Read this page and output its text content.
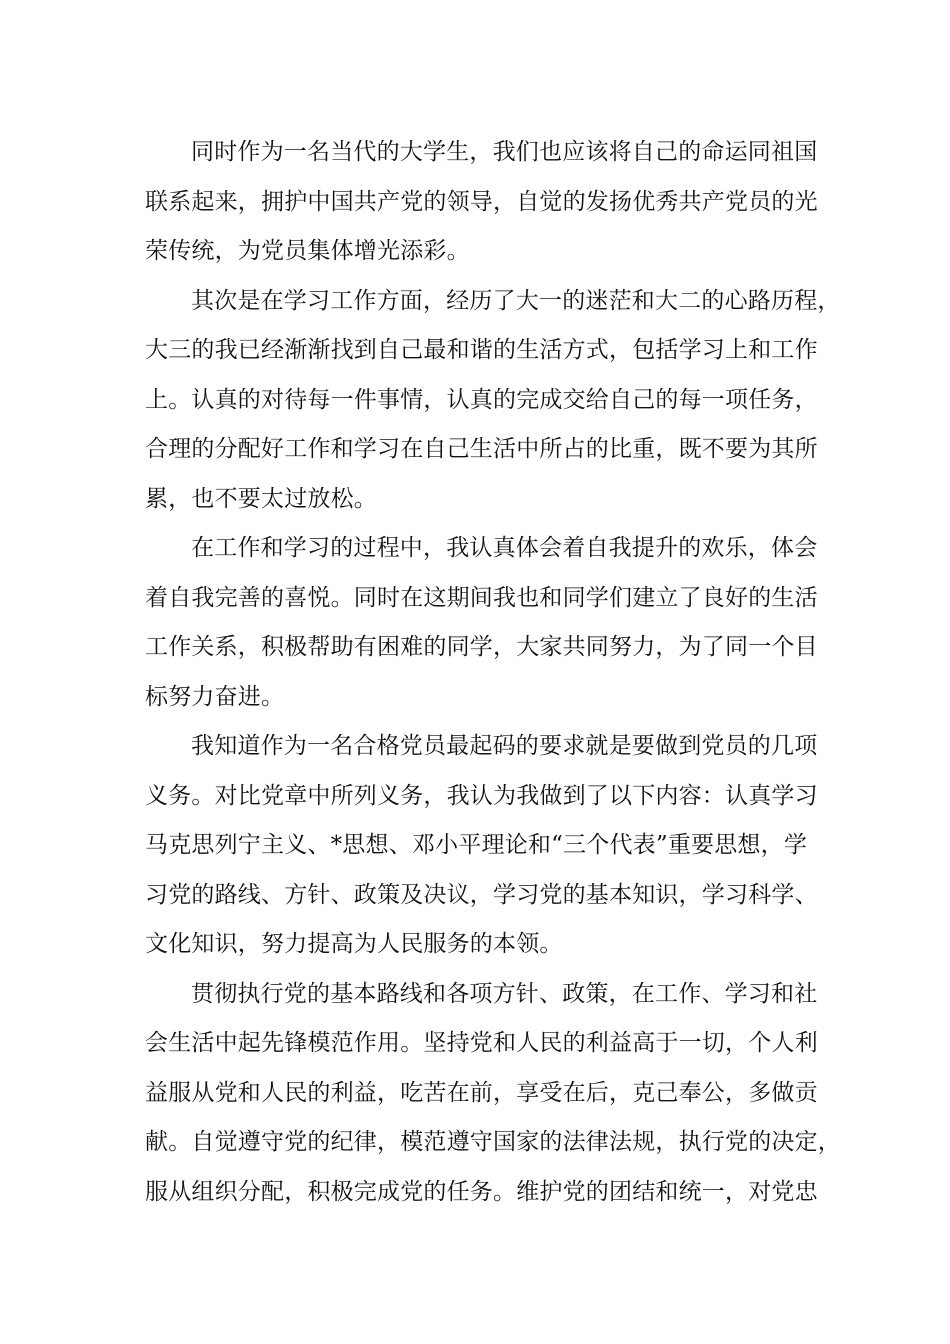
同时作为一名当代的大学生，我们也应该将自己的命运同祖国
联系起来，拥护中国共产党的领导，自觉的发扬优秀共产党员的光
荣传统，为党员集体增光添彩。

其次是在学习工作方面，经历了大一的迷茫和大二的心路历程，
大三的我已经渐渐找到自己最和谐的生活方式，包括学习上和工作
上。认真的对待每一件事情，认真的完成交给自己的每一项任务，
合理的分配好工作和学习在自己生活中所占的比重，既不要为其所
累，也不要太过放松。

在工作和学习的过程中，我认真体会着自我提升的欢乐，体会
着自我完善的喜悦。同时在这期间我也和同学们建立了良好的生活
工作关系，积极帮助有困难的同学，大家共同努力，为了同一个目
标努力奋进。

我知道作为一名合格党员最起码的要求就是要做到党员的几项
义务。对比党章中所列义务，我认为我做到了以下内容：认真学习
马克思列宁主义、*思想、邓小平理论和“三个代表”重要思想，学
习党的路线、方针、政策及决议，学习党的基本知识，学习科学、
文化知识，努力提高为人民服务的本领。

贯彻执行党的基本路线和各项方针、政策，在工作、学习和社
会生活中起先锋模范作用。坚持党和人民的利益高于一切，个人利
益服从党和人民的利益，吃苦在前，享受在后，克己奉公，多做贡
献。自觉遵守党的纪律，模范遵守国家的法律法规，执行党的决定，
服从组织分配，积极完成党的任务。维护党的团结和统一，对党忠
